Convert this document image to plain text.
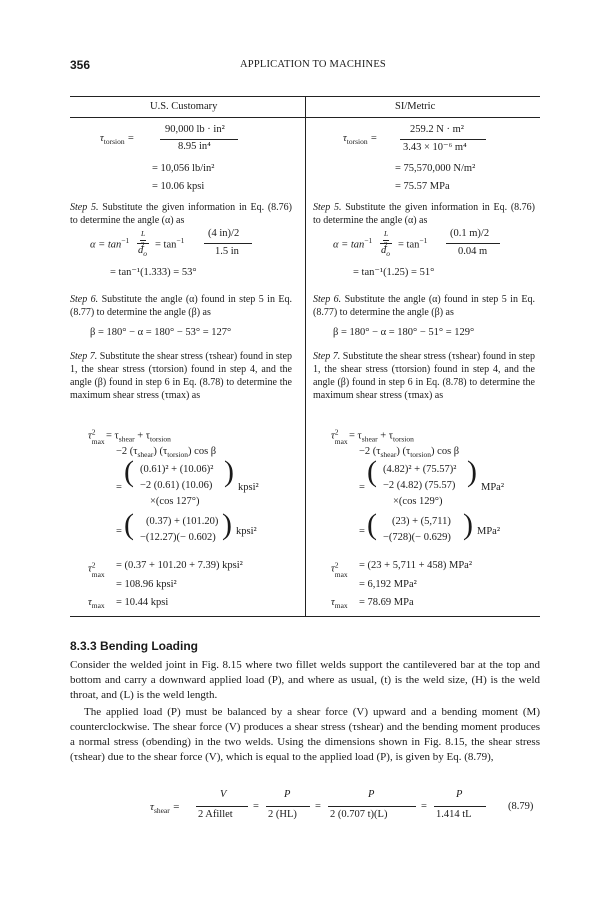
356	APPLICATION TO MACHINES
U.S. Customary	SI/Metric
$\tau_{torsion}$ =
90,000 lb · in²
8.95 in⁴
= 10,056 lb/in²
= 10.06 kpsi
Step 5. Substitute the given information in Eq. (8.76) to determine the angle (α) as
$\alpha = \tan^{-1}$
L
2
$d_o$
= $\tan^{-1}$
(4 in)/2
1.5 in
= tan⁻¹(1.333) = 53°
Step 6. Substitute the angle (α) found in step 5 in Eq. (8.77) to determine the angle (β) as
β = 180° − α = 180° − 53° = 127°
Step 7. Substitute the shear stress (τshear) found in step 1, the shear stress (τtorsion) found in step 4, and the angle (β) found in step 6 in Eq. (8.78) to determine the maximum shear stress (τmax) as
$\tau^2$
$\max = \tau_{shear} + \tau_{torsion}$
−2 $(\tau_{shear})$ $(\tau_{torsion})$ cos β
= ( (0.61)² + (10.06)²
−2 (0.61) (10.06)
×(cos 127°)
) kpsi²
= ( (0.37) + (101.20)
−(12.27)(− 0.602) ) kpsi²
$\tau^2$
max
= (0.37 + 101.20 + 7.39) kpsi²
= 108.96 kpsi²
$\tau_{max} = 10.44$ kpsi
$\tau_{torsion}$ =
259.2 N · m²
3.43 × 10⁻⁶ m⁴
= 75,570,000 N/m²
= 75.57 MPa
Step 5. Substitute the given information in Eq. (8.76) to determine the angle (α) as
$\alpha = \tan^{-1}$
L
2
$d_o$
= $\tan^{-1}$
(0.1 m)/2
0.04 m
= tan⁻¹(1.25) = 51°
Step 6. Substitute the angle (α) found in step 5 in Eq. (8.77) to determine the angle (β) as
β = 180° − α = 180° − 51° = 129°
Step 7. Substitute the shear stress (τshear) found in step 1, the shear stress (τtorsion) found in step 4, and the angle (β) found in step 6 in Eq. (8.78) to determine the maximum shear stress (τmax) as
$\tau^2$
$\max = \tau_{shear} + \tau_{torsion}$
−2 $(\tau_{shear})$ $(\tau_{torsion})$ cos β
= ( (4.82)² + (75.57)²
−2 (4.82) (75.57)
×(cos 129°)
) MPa²
= ( (23) + (5,711)
−(728)(− 0.629) ) MPa²
$\tau^2$
max
= (23 + 5,711 + 458) MPa²
= 6,192 MPa²
$\tau_{max} = 78.69$ MPa
8.3.3 Bending Loading
Consider the welded joint in Fig. 8.15 where two fillet welds support the cantilevered bar at the top and bottom and carry a downward applied load (P), and where as usual, (t) is the weld size, (H) is the weld throat, and (L) is the weld length.
The applied load (P) must be balanced by a shear force (V) upward and a bending moment (M) counterclockwise. The shear force (V) produces a shear stress (τshear) and the bending moment produces a normal stress (σbending) in the two welds. Using the dimensions shown in Fig. 8.15, the shear stress (τshear) due to the shear force (V), which is equal to the applied load (P), is given by Eq. (8.79),
$\tau_{shear}$ =
V
2 Afillet
=
P
2 (HL)
=
P
2 (0.707 t)(L)
=
P
1.414 tL
(8.79)
